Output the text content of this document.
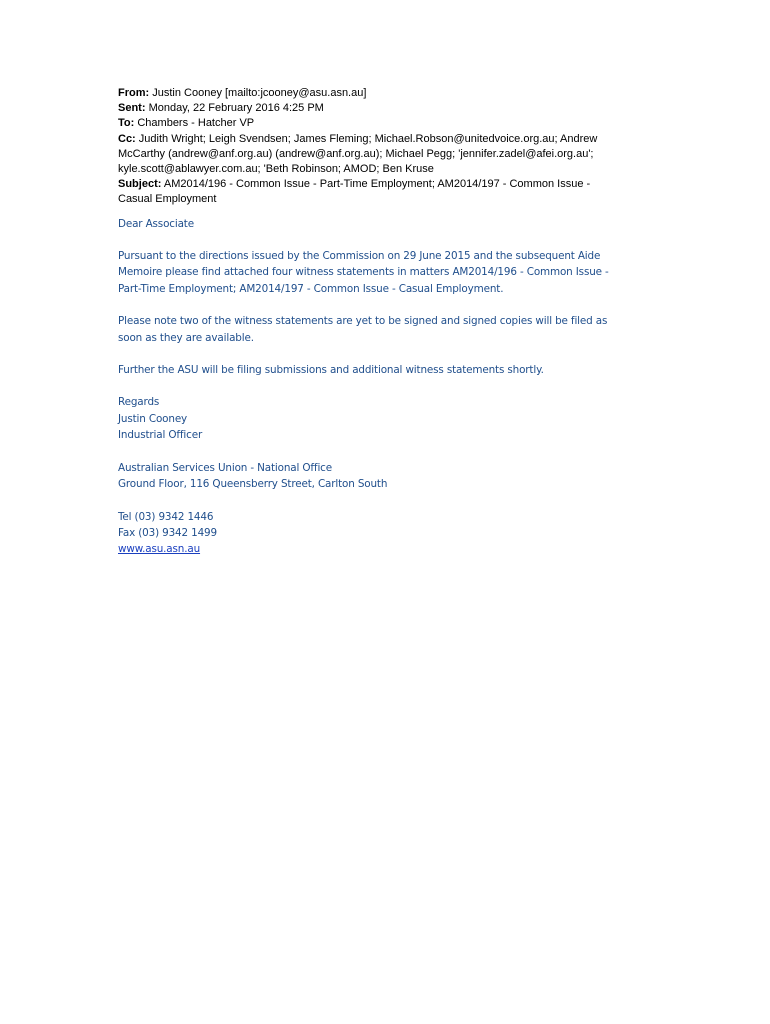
From: Justin Cooney [mailto:jcooney@asu.asn.au]
Sent: Monday, 22 February 2016 4:25 PM
To: Chambers - Hatcher VP
Cc: Judith Wright; Leigh Svendsen; James Fleming; Michael.Robson@unitedvoice.org.au; Andrew
McCarthy (andrew@anf.org.au) (andrew@anf.org.au); Michael Pegg; 'jennifer.zadel@afei.org.au';
kyle.scott@ablawyer.com.au; 'Beth Robinson; AMOD; Ben Kruse
Subject: AM2014/196 - Common Issue - Part-Time Employment; AM2014/197 - Common Issue -
Casual Employment

Dear Associate

Pursuant to the directions issued by the Commission on 29 June 2015 and the subsequent Aide
Memoire please find attached four witness statements in matters AM2014/196 - Common Issue -
Part-Time Employment; AM2014/197 - Common Issue - Casual Employment.
Please note two of the witness statements are yet to be signed and signed copies will be filed as
soon as they are available.
Further the ASU will be filing submissions and additional witness statements shortly.
Regards
Justin Cooney
Industrial Officer
Australian Services Union - National Office
Ground Floor, 116 Queensberry Street, Carlton South
Tel (03) 9342 1446
Fax (03) 9342 1499
www.asu.asn.au
